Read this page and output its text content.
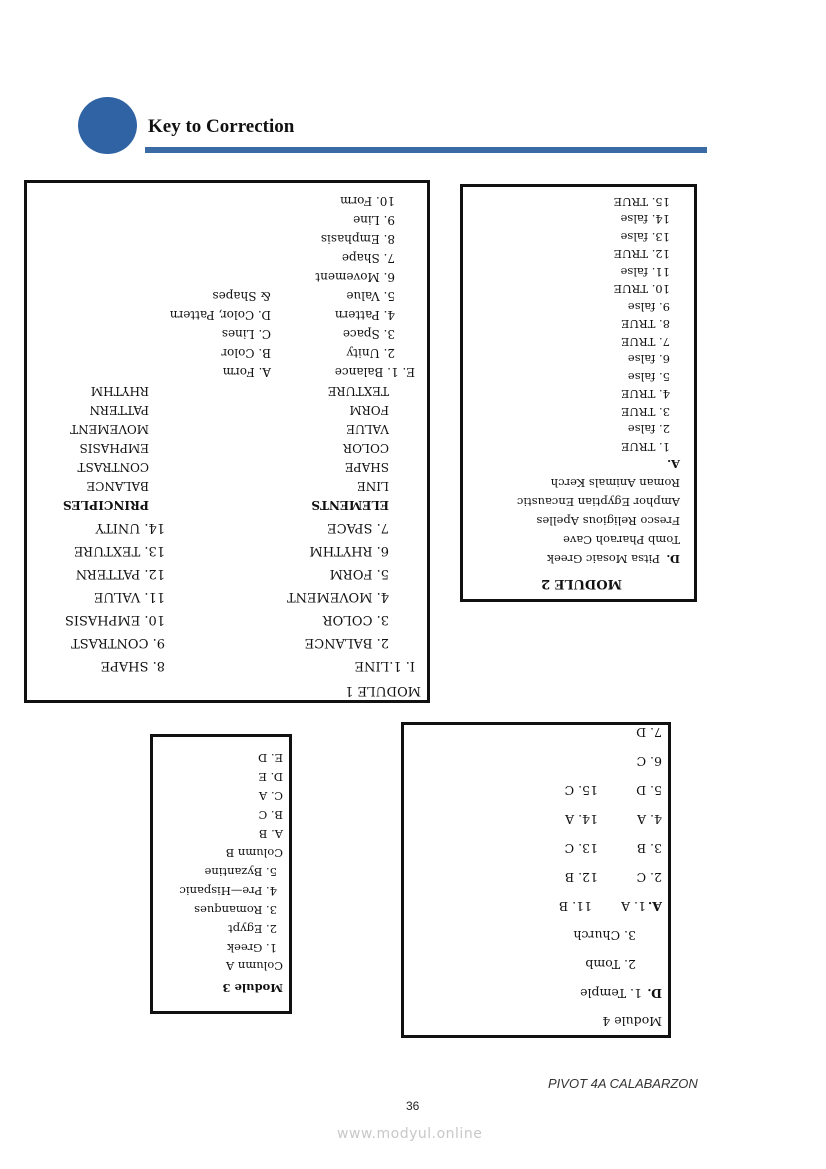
Key to Correction
MODULE 1
I. 1.LINE
8. SHAPE
2. BALANCE
9. CONTRAST
3. COLOR
10. EMPHASIS
4. MOVEMENT
11. VALUE
5. FORM
12. PATTERN
6. RHYTHM
13. TEXTURE
7. SPACE
14. UNITY
ELEMENTS
PRINCIPLES
LINE
SHAPE
COLOR
VALUE
FORM
TEXTURE
BALANCE
CONTRAST
EMPHASIS
MOVEMENT
PATTERN
RHYTHM
E. 1. Balance
A. Form
2. Unity
B. Color
3. Space
C. Lines
4. Pattern
D. Color, Pattern
5. Value
& Shapes
6. Movement
7. Shape
8. Emphasis
9. Line
10. Form
MODULE 2
D.
Pitsa Mosaic Greek
Tomb Pharaoh Cave
Fresco Religious Apelles
Amphor Egyptian Encaustic
Roman Animals Kerch
A.
1. TRUE
2. false
3. TRUE
4. TRUE
5. false
6. false
7. TRUE
8. TRUE
9. false
10. TRUE
11. false
12. TRUE
13. false
14. false
15. TRUE
Module 3
Column A
1. Greek
2. Egypt
3. Romanques
4. Pre—Hispanic
5. Byzantine
Column B
A. B
B. C
C. A
D. E
E. D
Module 4
D.
1. Temple
2. Tomb
3. Church
A.
1. A
11. B
2. C
12. B
3. B
13. C
4. A
14. A
5. D
15. C
6. C
7. D
PIVOT 4A CALABARZON
36
www.modyul.online
